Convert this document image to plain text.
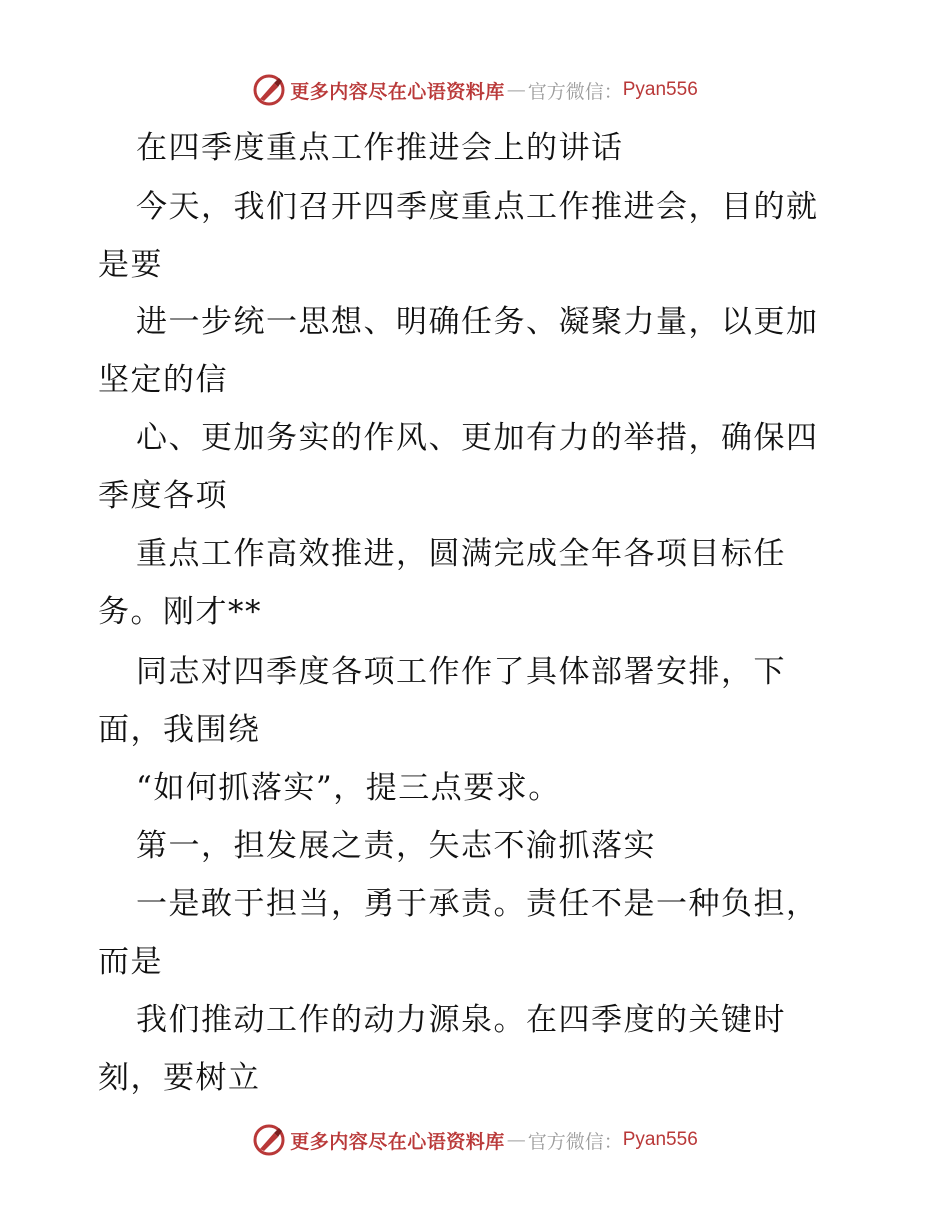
更多内容尽在心语资料库 — 官方微信： Pyan556
在四季度重点工作推进会上的讲话
今天，我们召开四季度重点工作推进会，目的就
是要
进一步统一思想、明确任务、凝聚力量，以更加
坚定的信
心、更加务实的作风、更加有力的举措，确保四
季度各项
重点工作高效推进，圆满完成全年各项目标任
务。刚才**
同志对四季度各项工作作了具体部署安排，下
面，我围绕
“如何抓落实”，提三点要求。
第一，担发展之责，矢志不渝抓落实
一是敢于担当，勇于承责。责任不是一种负担，
而是
我们推动工作的动力源泉。在四季度的关键时
刻，要树立
更多内容尽在心语资料库 — 官方微信： Pyan556
